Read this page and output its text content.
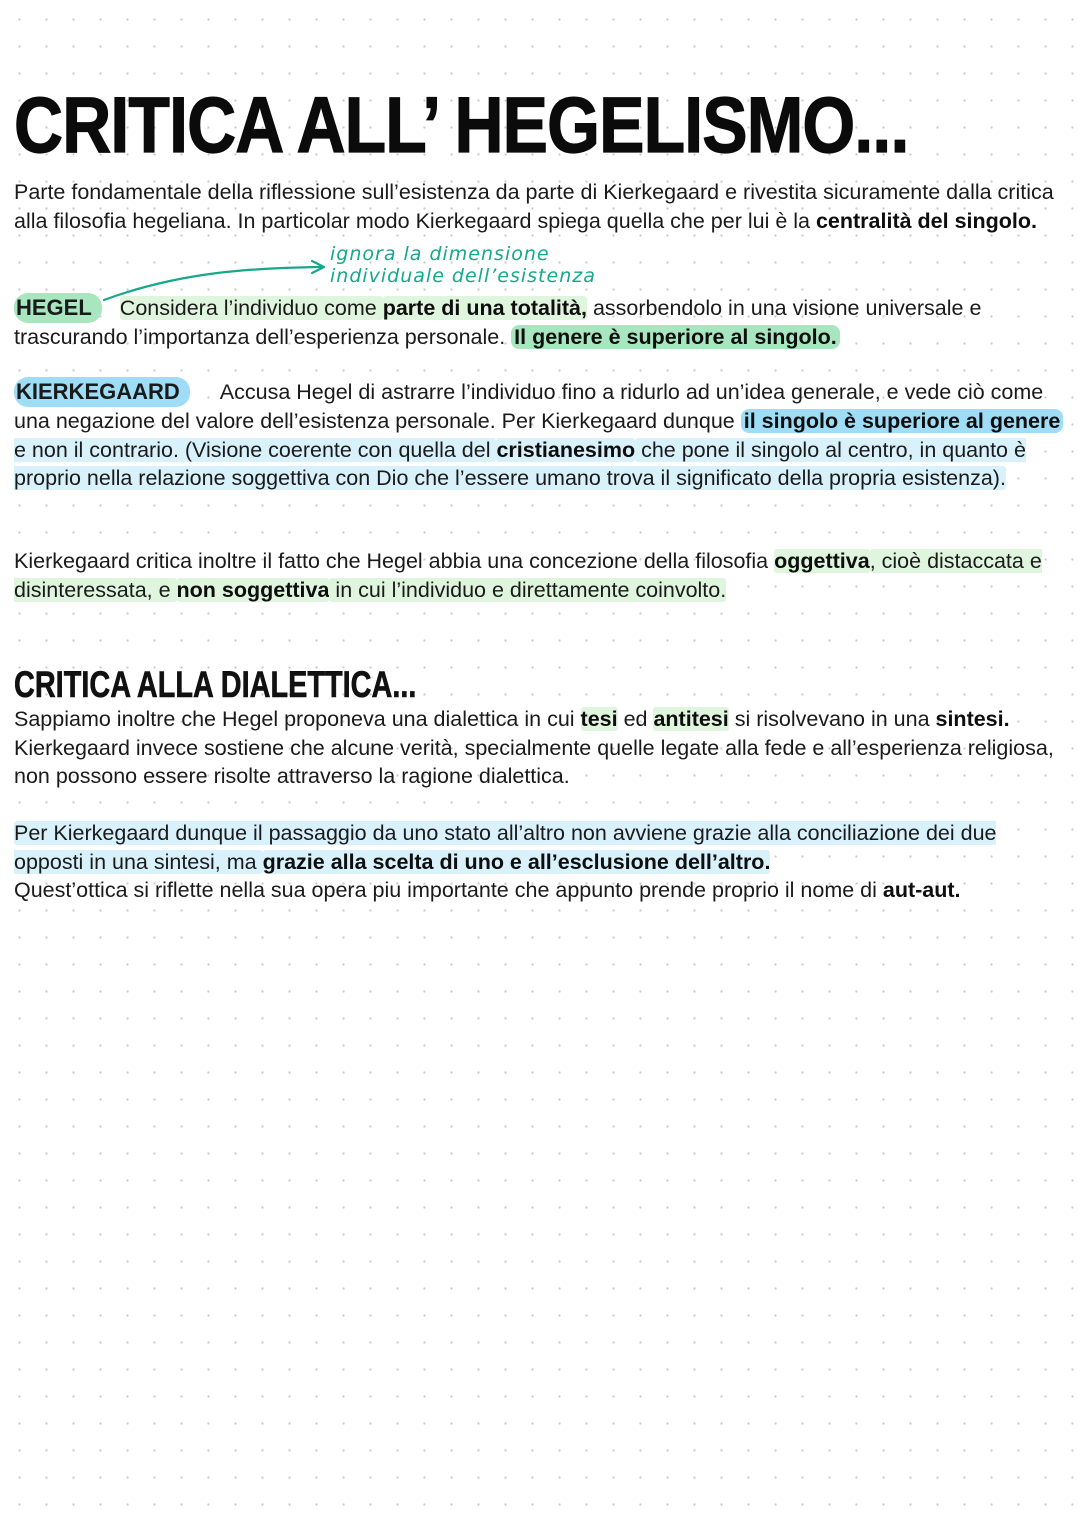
CRITICA ALL’ HEGELISMO...

Parte fondamentale della riflessione sull’esistenza da parte di Kierkegaard e rivestita sicuramente dalla critica alla filosofia hegeliana. In particolar modo Kierkegaard spiega quella che per lui è la centralità del singolo.

ignora la dimensione
individuale dell’esistenza

HEGEL Considera l’individuo come parte di una totalità, assorbendolo in una visione universale e trascurando l’importanza dell’esperienza personale. Il genere è superiore al singolo.

KIERKEGAARD Accusa Hegel di astrarre l’individuo fino a ridurlo ad un’idea generale, e vede ciò come una negazione del valore dell’esistenza personale. Per Kierkegaard dunque il singolo è superiore al genere e non il contrario. (Visione coerente con quella del cristianesimo che pone il singolo al centro, in quanto è proprio nella relazione soggettiva con Dio che l’essere umano trova il significato della propria esistenza).

Kierkegaard critica inoltre il fatto che Hegel abbia una concezione della filosofia oggettiva, cioè distaccata e disinteressata, e non soggettiva in cui l’individuo e direttamente coinvolto.

CRITICA ALLA DIALETTICA...

Sappiamo inoltre che Hegel proponeva una dialettica in cui tesi ed antitesi si risolvevano in una sintesi. Kierkegaard invece sostiene che alcune verità, specialmente quelle legate alla fede e all’esperienza religiosa, non possono essere risolte attraverso la ragione dialettica.

Per Kierkegaard dunque il passaggio da uno stato all’altro non avviene grazie alla conciliazione dei due opposti in una sintesi, ma grazie alla scelta di uno e all’esclusione dell’altro.
Quest’ottica si riflette nella sua opera piu importante che appunto prende proprio il nome di aut-aut.
